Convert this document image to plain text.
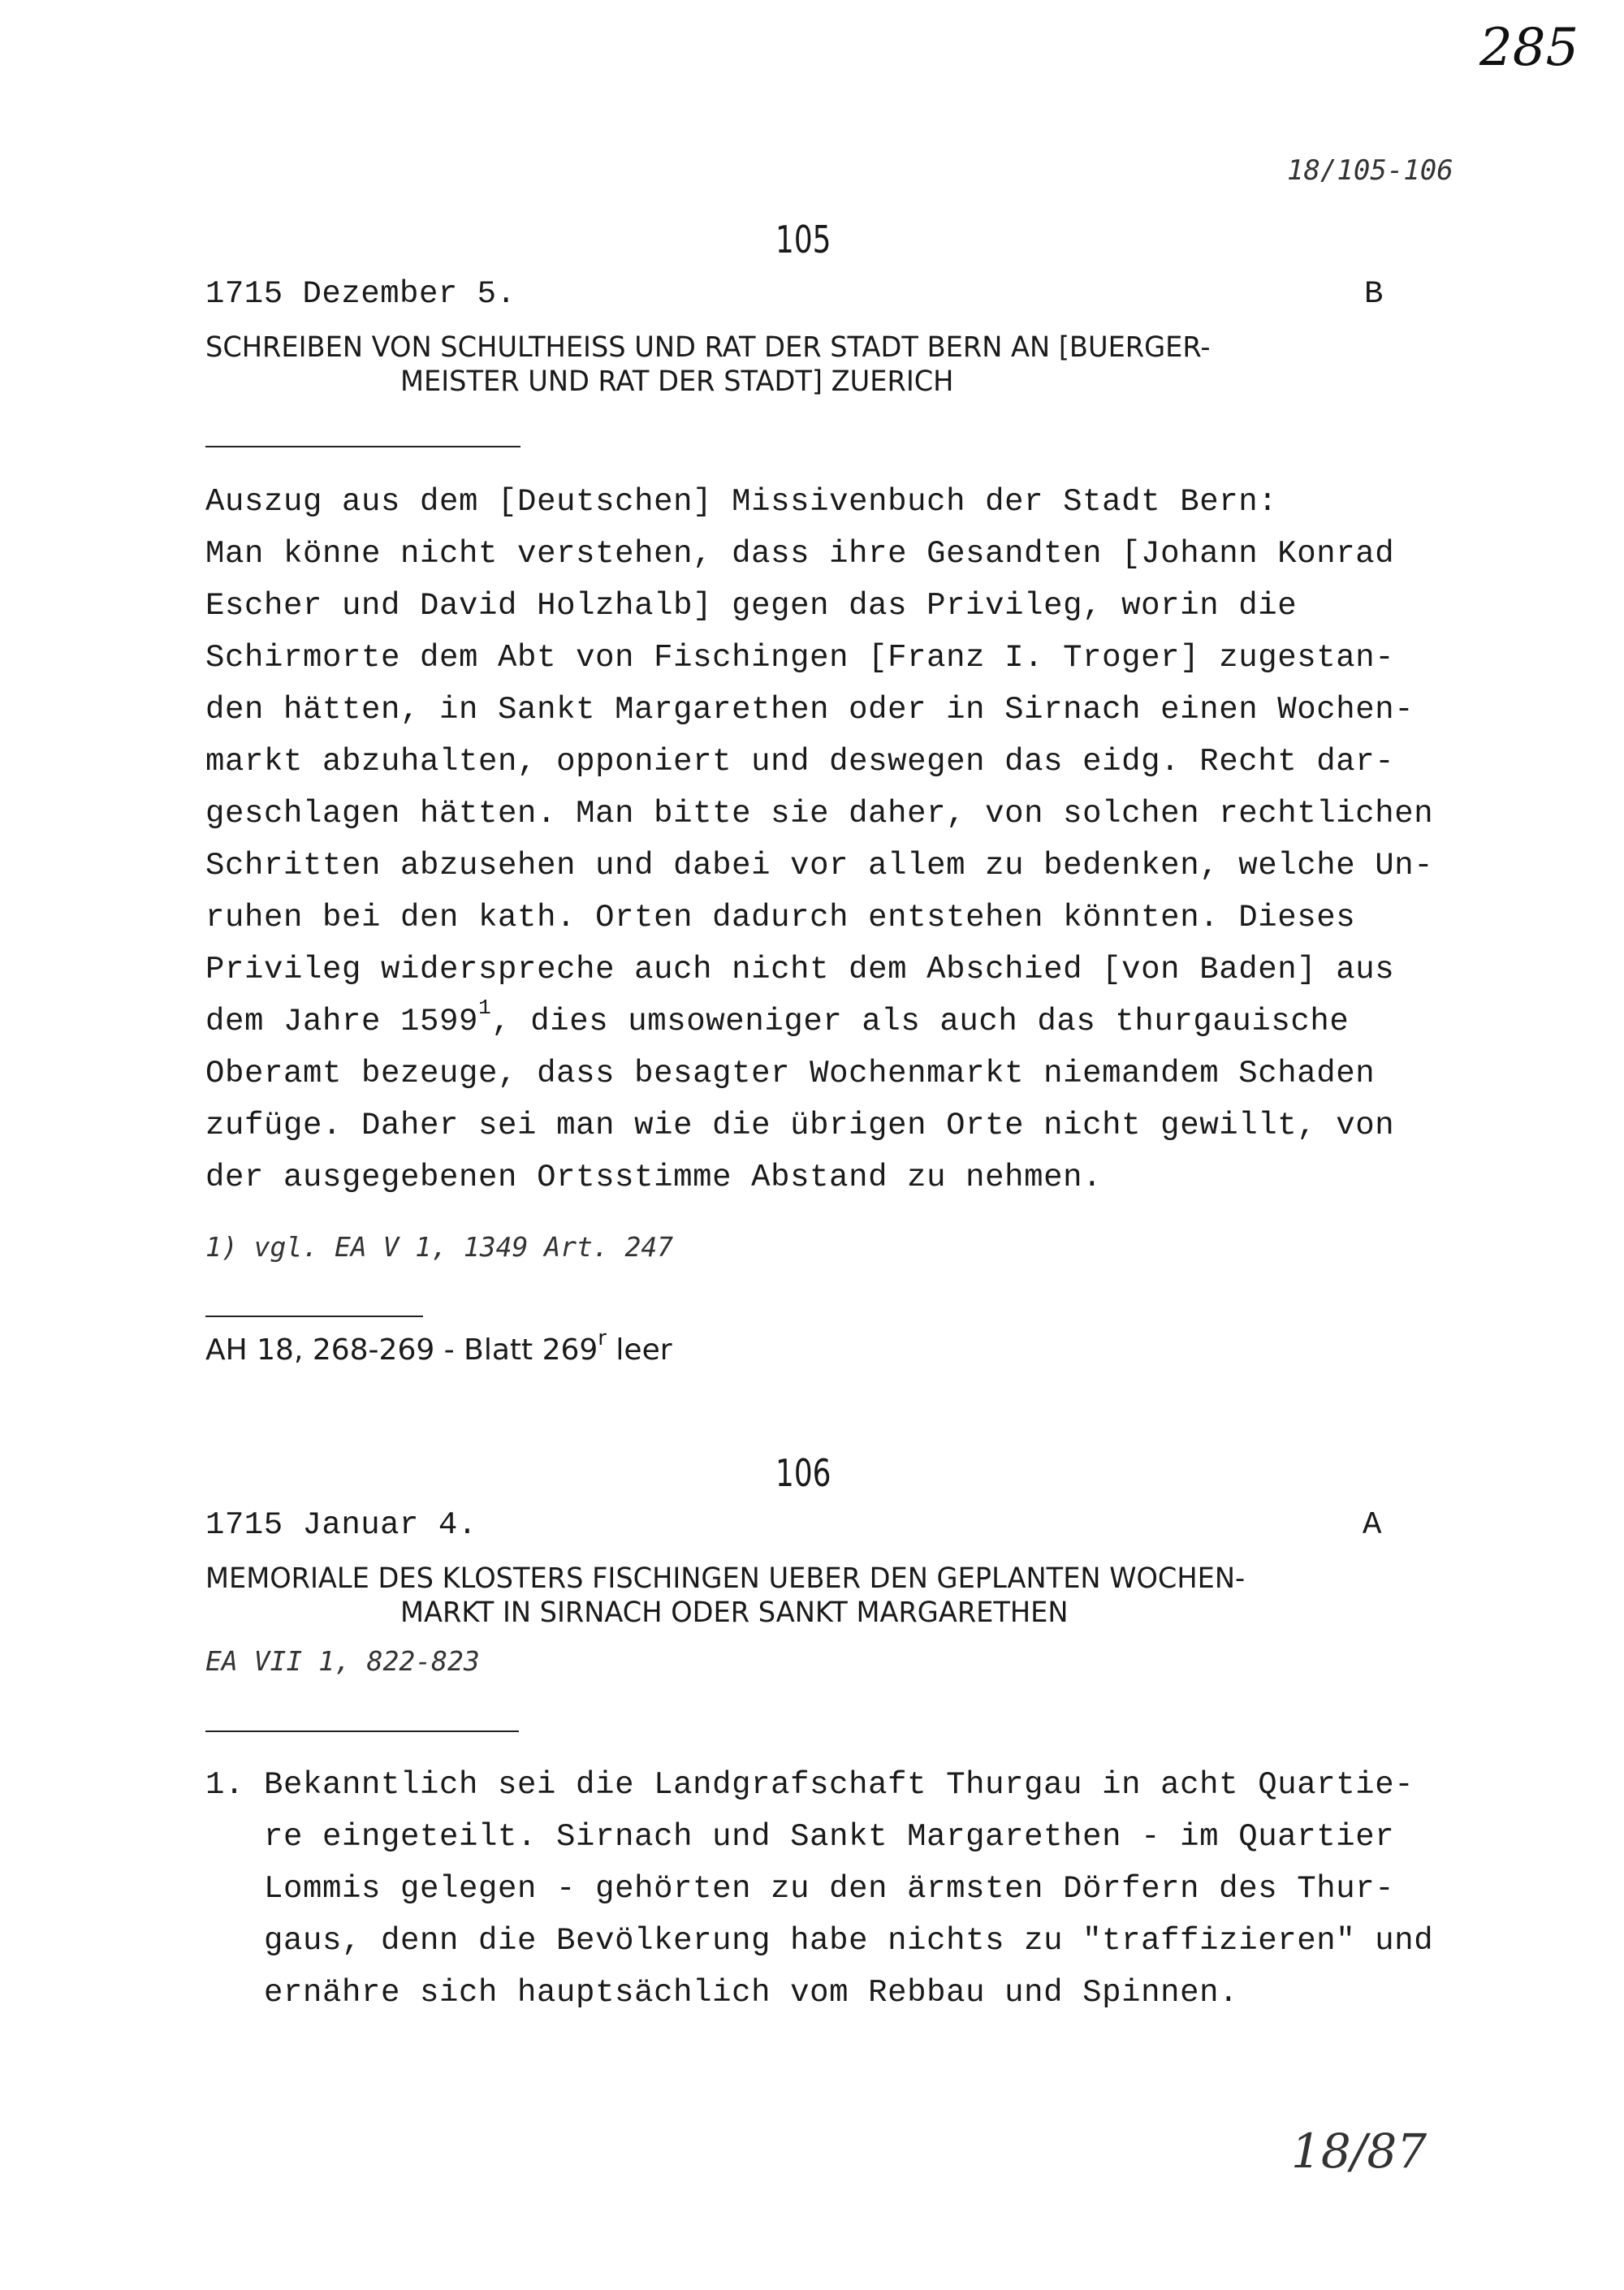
285
18/105-106
105
1715 Dezember 5.	B
SCHREIBEN VON SCHULTHEISS UND RAT DER STADT BERN AN [BUERGER-
MEISTER UND RAT DER STADT] ZUERICH
Auszug aus dem [Deutschen] Missivenbuch der Stadt Bern:
Man könne nicht verstehen, dass ihre Gesandten [Johann Konrad
Escher und David Holzhalb] gegen das Privileg, worin die
Schirmorte dem Abt von Fischingen [Franz I. Troger] zugestan-
den hätten, in Sankt Margarethen oder in Sirnach einen Wochen-
markt abzuhalten, opponiert und deswegen das eidg. Recht dar-
geschlagen hätten. Man bitte sie daher, von solchen rechtlichen
Schritten abzusehen und dabei vor allem zu bedenken, welche Un-
ruhen bei den kath. Orten dadurch entstehen könnten. Dieses
Privileg widerspreche auch nicht dem Abschied [von Baden] aus
dem Jahre 1599$^1$, dies umsoweniger als auch das thurgauische
Oberamt bezeuge, dass besagter Wochenmarkt niemandem Schaden
zufüge. Daher sei man wie die übrigen Orte nicht gewillt, von
der ausgegebenen Ortsstimme Abstand zu nehmen.
1) vgl. EA V 1, 1349 Art. 247
AH 18, 268-269 - Blatt 269$^r$ leer
106
1715 Januar 4.	A
MEMORIALE DES KLOSTERS FISCHINGEN UEBER DEN GEPLANTEN WOCHEN-
MARKT IN SIRNACH ODER SANKT MARGARETHEN
EA VII 1, 822-823
1. Bekanntlich sei die Landgrafschaft Thurgau in acht Quartie-
re eingeteilt. Sirnach und Sankt Margarethen - im Quartier
Lommis gelegen - gehörten zu den ärmsten Dörfern des Thur-
gaus, denn die Bevölkerung habe nichts zu "traffizieren" und
ernähre sich hauptsächlich vom Rebbau und Spinnen.
18/87
